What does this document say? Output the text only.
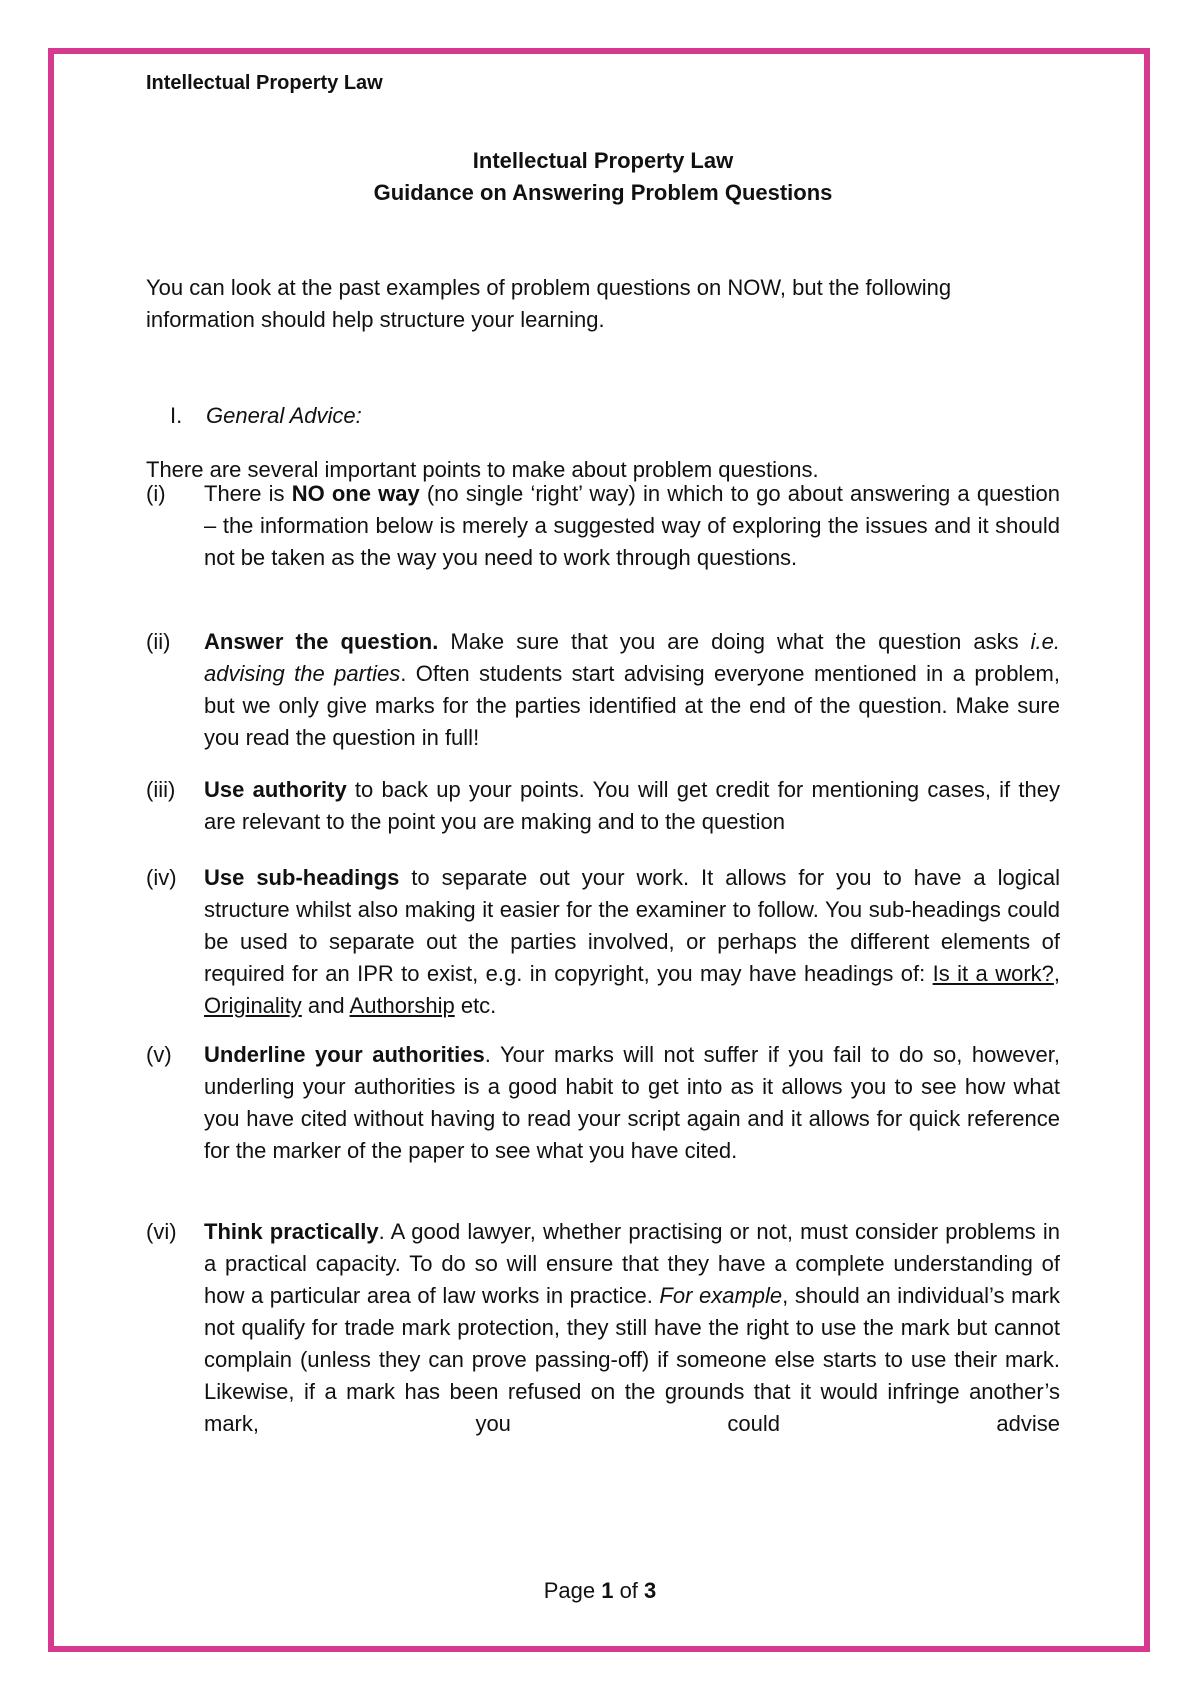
Intellectual Property Law
Intellectual Property Law
Guidance on Answering Problem Questions
You can look at the past examples of problem questions on NOW, but the following information should help structure your learning.
I. General Advice:
There are several important points to make about problem questions.
(i) There is NO one way (no single ‘right’ way) in which to go about answering a question – the information below is merely a suggested way of exploring the issues and it should not be taken as the way you need to work through questions.
(ii) Answer the question. Make sure that you are doing what the question asks i.e. advising the parties. Often students start advising everyone mentioned in a problem, but we only give marks for the parties identified at the end of the question. Make sure you read the question in full!
(iii) Use authority to back up your points. You will get credit for mentioning cases, if they are relevant to the point you are making and to the question
(iv) Use sub-headings to separate out your work. It allows for you to have a logical structure whilst also making it easier for the examiner to follow. You sub-headings could be used to separate out the parties involved, or perhaps the different elements of required for an IPR to exist, e.g. in copyright, you may have headings of: Is it a work?, Originality and Authorship etc.
(v) Underline your authorities. Your marks will not suffer if you fail to do so, however, underling your authorities is a good habit to get into as it allows you to see how what you have cited without having to read your script again and it allows for quick reference for the marker of the paper to see what you have cited.
(vi) Think practically. A good lawyer, whether practising or not, must consider problems in a practical capacity. To do so will ensure that they have a complete understanding of how a particular area of law works in practice. For example, should an individual’s mark not qualify for trade mark protection, they still have the right to use the mark but cannot complain (unless they can prove passing-off) if someone else starts to use their mark. Likewise, if a mark has been refused on the grounds that it would infringe another’s mark, you could advise
Page 1 of 3
